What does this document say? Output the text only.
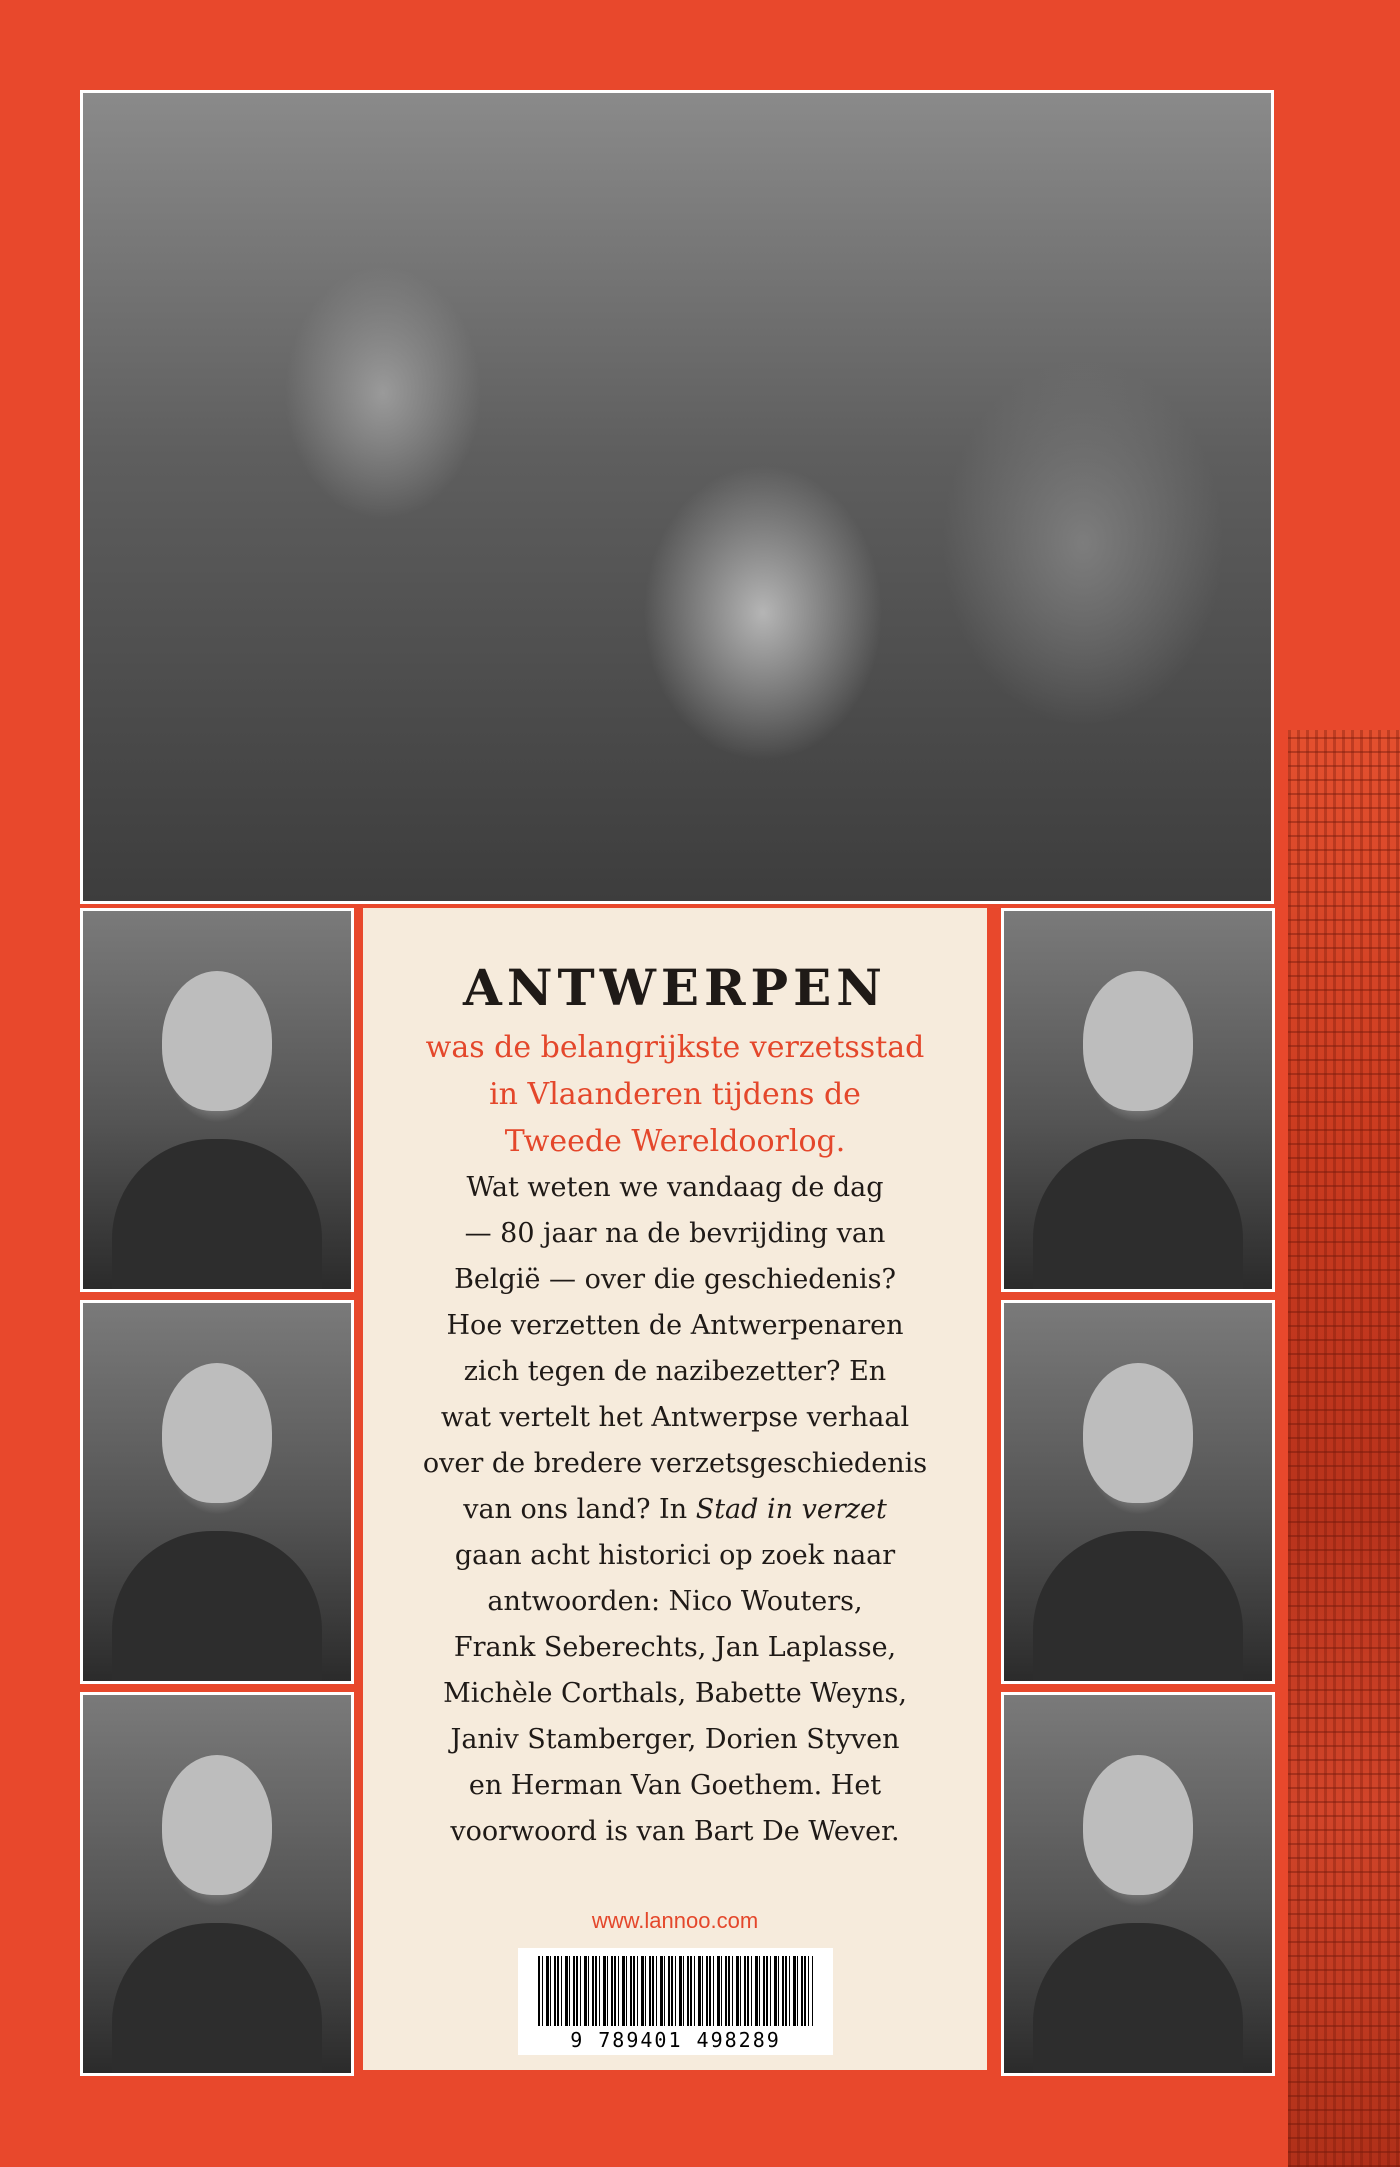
ANTWERPEN

was de belangrijkste verzetsstad
in Vlaanderen tijdens de
Tweede Wereldoorlog.

Wat weten we vandaag de dag
— 80 jaar na de bevrijding van
België — over die geschiedenis?
Hoe verzetten de Antwerpenaren
zich tegen de nazibezetter? En
wat vertelt het Antwerpse verhaal
over de bredere verzetsgeschiedenis
van ons land? In Stad in verzet
gaan acht historici op zoek naar
antwoorden: Nico Wouters,
Frank Seberechts, Jan Laplasse,
Michèle Corthals, Babette Weyns,
Janiv Stamberger, Dorien Styven
en Herman Van Goethem. Het
voorwoord is van Bart De Wever.

www.lannoo.com
9 789401 498289
